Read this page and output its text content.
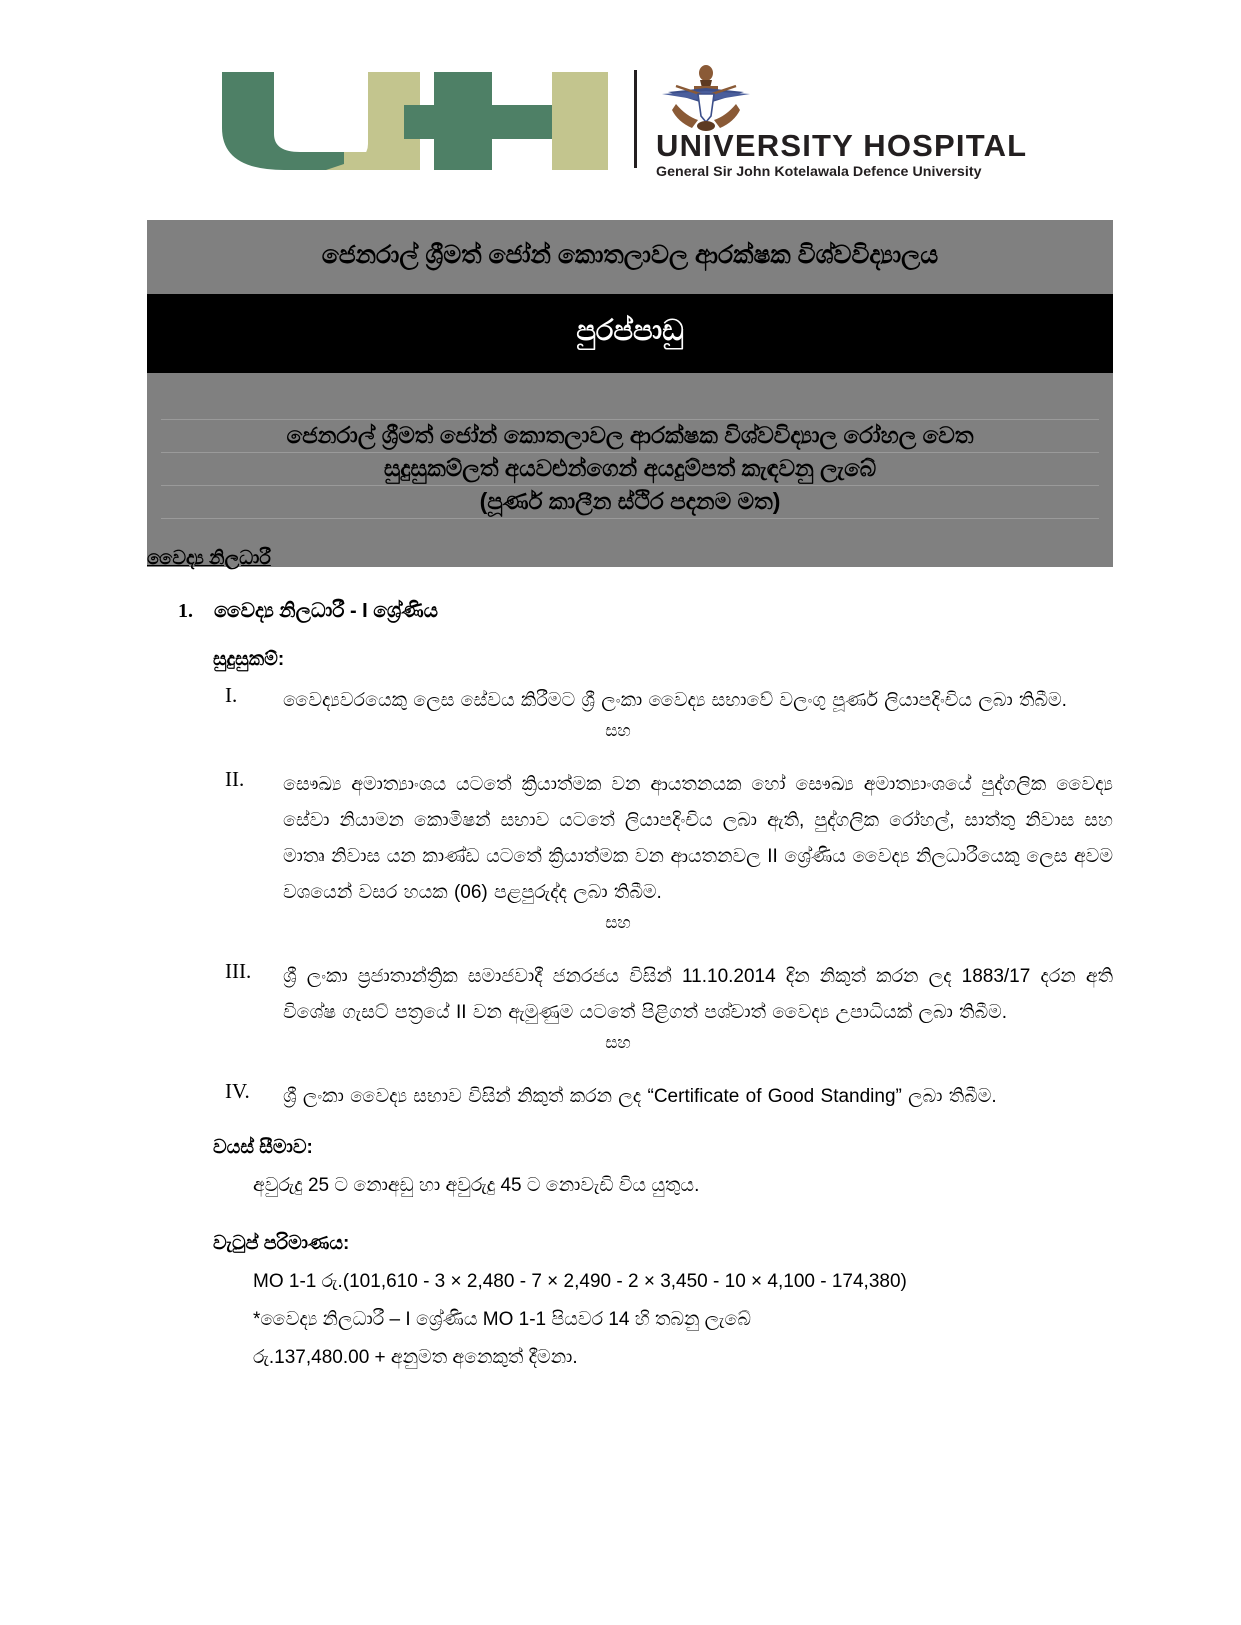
UNIVERSITY HOSPITAL
General Sir John Kotelawala Defence University
ජෙනරාල් ශ්‍රීමත් ජෝන් කොතලාවල ආරක්ෂක විශ්වවිද්‍යාලය
පුරප්පාඩු
ජෙනරාල් ශ්‍රීමත් ජෝන් කොතලාවල ආරක්ෂක විශ්වවිද්‍යාල රෝහල වෙත
සුදුසුකම්ලත් අයවළුන්ගෙන් අයදුම්පත් කැඳවනු ලැබේ
(පූර්ණ කාලීන ස්ථිර පදනම මත)
වෛද්‍ය නිලධාරී
1.	වෛද්‍ය නිලධාරී - I ශ්‍රේණිය
සුදුසුකම්:
I.	වෛද්‍යවරයෙකු ලෙස සේවය කිරීමට ශ්‍රී ලංකා වෛද්‍ය සභාවේ වලංගු පූර්ණ ලියාපදිංචිය ලබා තිබීම.
සහ
II.	සෞඛ්‍ය අමාත්‍යාංශය යටතේ ක්‍රියාත්මක වන ආයතනයක හෝ සෞඛ්‍ය අමාත්‍යාංශයේ පුද්ගලික වෛද්‍ය සේවා නියාමන කොමිෂන් සභාව යටතේ ලියාපදිංචිය ලබා ඇති, පුද්ගලික රෝහල්, සාත්තු නිවාස සහ මාතෘ නිවාස යන කාණ්ඩ යටතේ ක්‍රියාත්මක වන ආයතනවල II ශ්‍රේණිය වෛද්‍ය නිලධාරීයෙකු ලෙස අවම වශයෙන් වසර හයක (06) පළපුරුද්ද ලබා තිබීම.
සහ
III.	ශ්‍රී ලංකා ප්‍රජාතාන්ත්‍රික සමාජවාදී ජනරජය විසින් 11.10.2014 දින නිකුත් කරන ලද 1883/17 දරන අති විශේෂ ගැසට් පත්‍රයේ II වන ඇමුණුම යටතේ පිළිගත් පශ්චාත් වෛද්‍ය උපාධියක් ලබා තිබීම.
සහ
IV.	ශ්‍රී ලංකා වෛද්‍ය සභාව විසින් නිකුත් කරන ලද “Certificate of Good Standing” ලබා තිබීම.
වයස් සීමාව:
අවුරුදු 25 ට නොඅඩු හා අවුරුදු 45 ට නොවැඩි විය යුතුය.
වැටුප් පරිමාණය:
MO 1-1 රු.(101,610 - 3 × 2,480 - 7 × 2,490 - 2 × 3,450 - 10 × 4,100 - 174,380)
*වෛද්‍ය නිලධාරී – I ශ්‍රේණිය MO 1-1 පියවර 14 හි තබනු ලැබේ
රු.137,480.00 + අනුමත අනෙකුත් දීමනා.
